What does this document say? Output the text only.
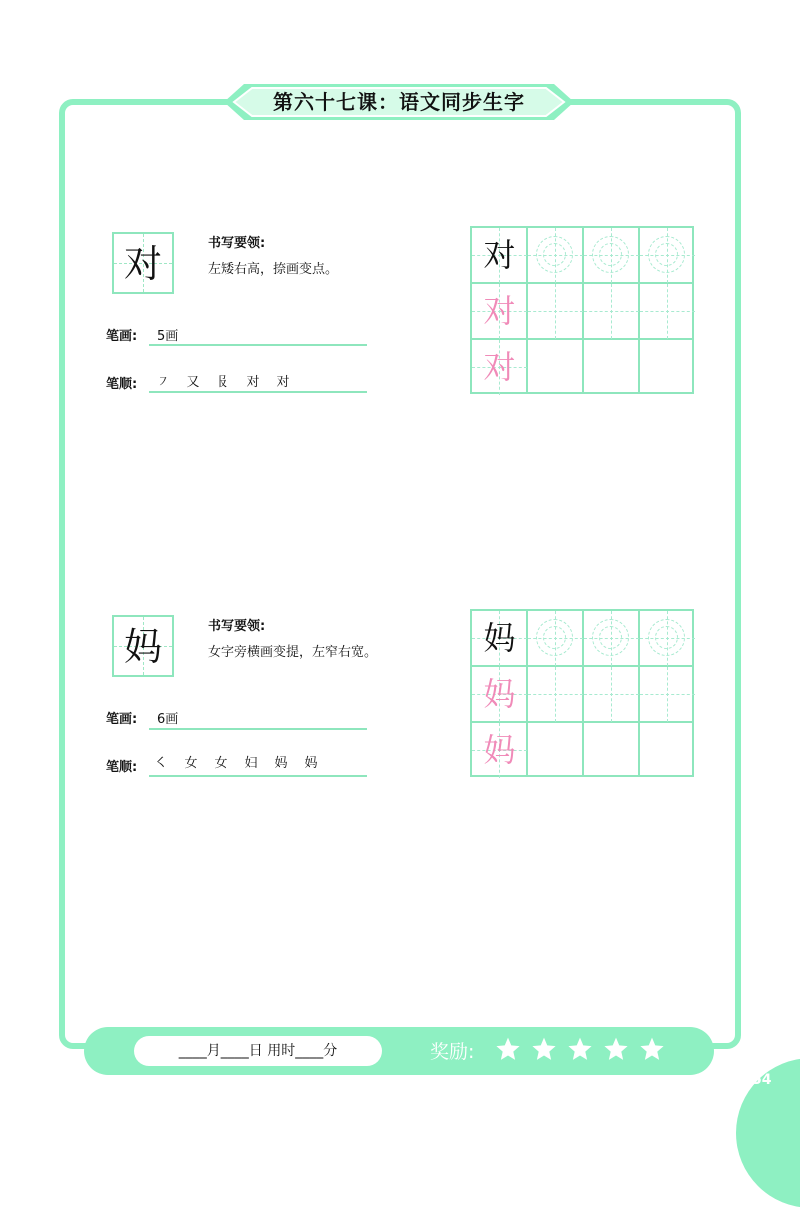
第六十七课：语文同步生字
对	书写要领:
左矮右高，捺画变点。
笔画: 5画
笔顺:	㇇	又	𠬝	对	对
对
对
对
妈	书写要领:
女字旁横画变提，左窄右宽。
笔画: 6画
笔顺:	㇛	女	女	妇	妈	妈
妈
妈
妈
____月____日 用时____分	奖励:
54
